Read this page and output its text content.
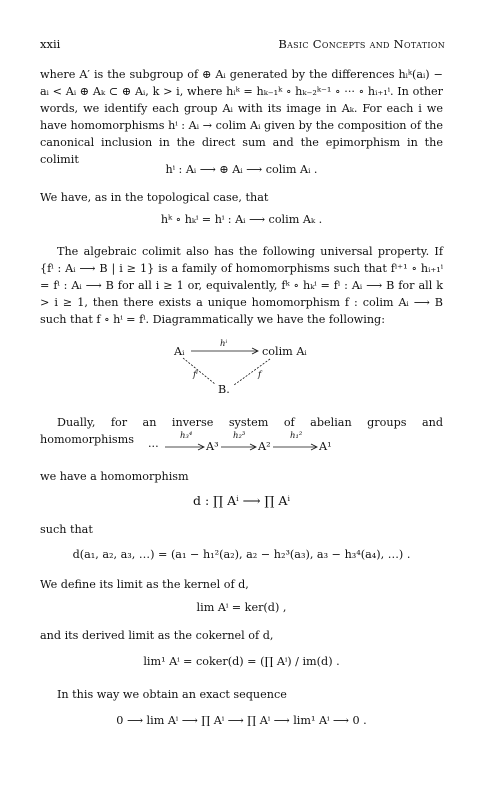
xxii	Basic Concepts and Notation
where A′ is the subgroup of ⊕ Aᵢ generated by the differences hᵢᵏ(aᵢ) − aᵢ < Aᵢ ⊕ Aₖ ⊂ ⊕ Aᵢ, k > i, where hᵢᵏ = hₖ₋₁ᵏ ∘ hₖ₋₂ᵏ⁻¹ ∘ ··· ∘ hᵢ₊₁ⁱ. In other words, we identify each group Aᵢ with its image in Aₖ. For each i we have homomorphisms hⁱ : Aᵢ → colim Aᵢ given by the composition of the canonical inclusion in the direct sum and the epimorphism in the colimit
hⁱ : Aᵢ ⟶ ⊕ Aᵢ ⟶ colim Aᵢ .
We have, as in the topological case, that
hᵏ ∘ hₖⁱ = hⁱ : Aᵢ ⟶ colim Aₖ .
The algebraic colimit also has the following universal property. If {fⁱ : Aᵢ ⟶ B | i ≥ 1} is a family of homomorphisms such that fⁱ⁺¹ ∘ hᵢ₊₁ⁱ = fⁱ : Aᵢ ⟶ B for all i ≥ 1 or, equivalently, fᵏ ∘ hₖⁱ = fⁱ : Aᵢ ⟶ B for all k > i ≥ 1, then there exists a unique homomorphism f : colim Aᵢ ⟶ B such that f ∘ hⁱ = fⁱ. Diagrammatically we have the following:
Aᵢ	colim Aᵢ
B.
hⁱ
fⁱ	f
Dually, for an inverse system of abelian groups and homomorphisms
···	A³	A²	A¹
h₃⁴	h₂³	h₁²
we have a homomorphism
d : ∏ Aⁱ ⟶ ∏ Aⁱ
such that
d(a₁, a₂, a₃, …) = (a₁ − h₁²(a₂), a₂ − h₂³(a₃), a₃ − h₃⁴(a₄), …) .
We define its limit as the kernel of d,
lim Aⁱ = ker(d) ,
and its derived limit as the cokernel of d,
lim¹ Aⁱ = coker(d) = (∏ Aⁱ) / im(d) .
In this way we obtain an exact sequence
0 ⟶ lim Aⁱ ⟶ ∏ Aⁱ ⟶ ∏ Aⁱ ⟶ lim¹ Aⁱ ⟶ 0 .
